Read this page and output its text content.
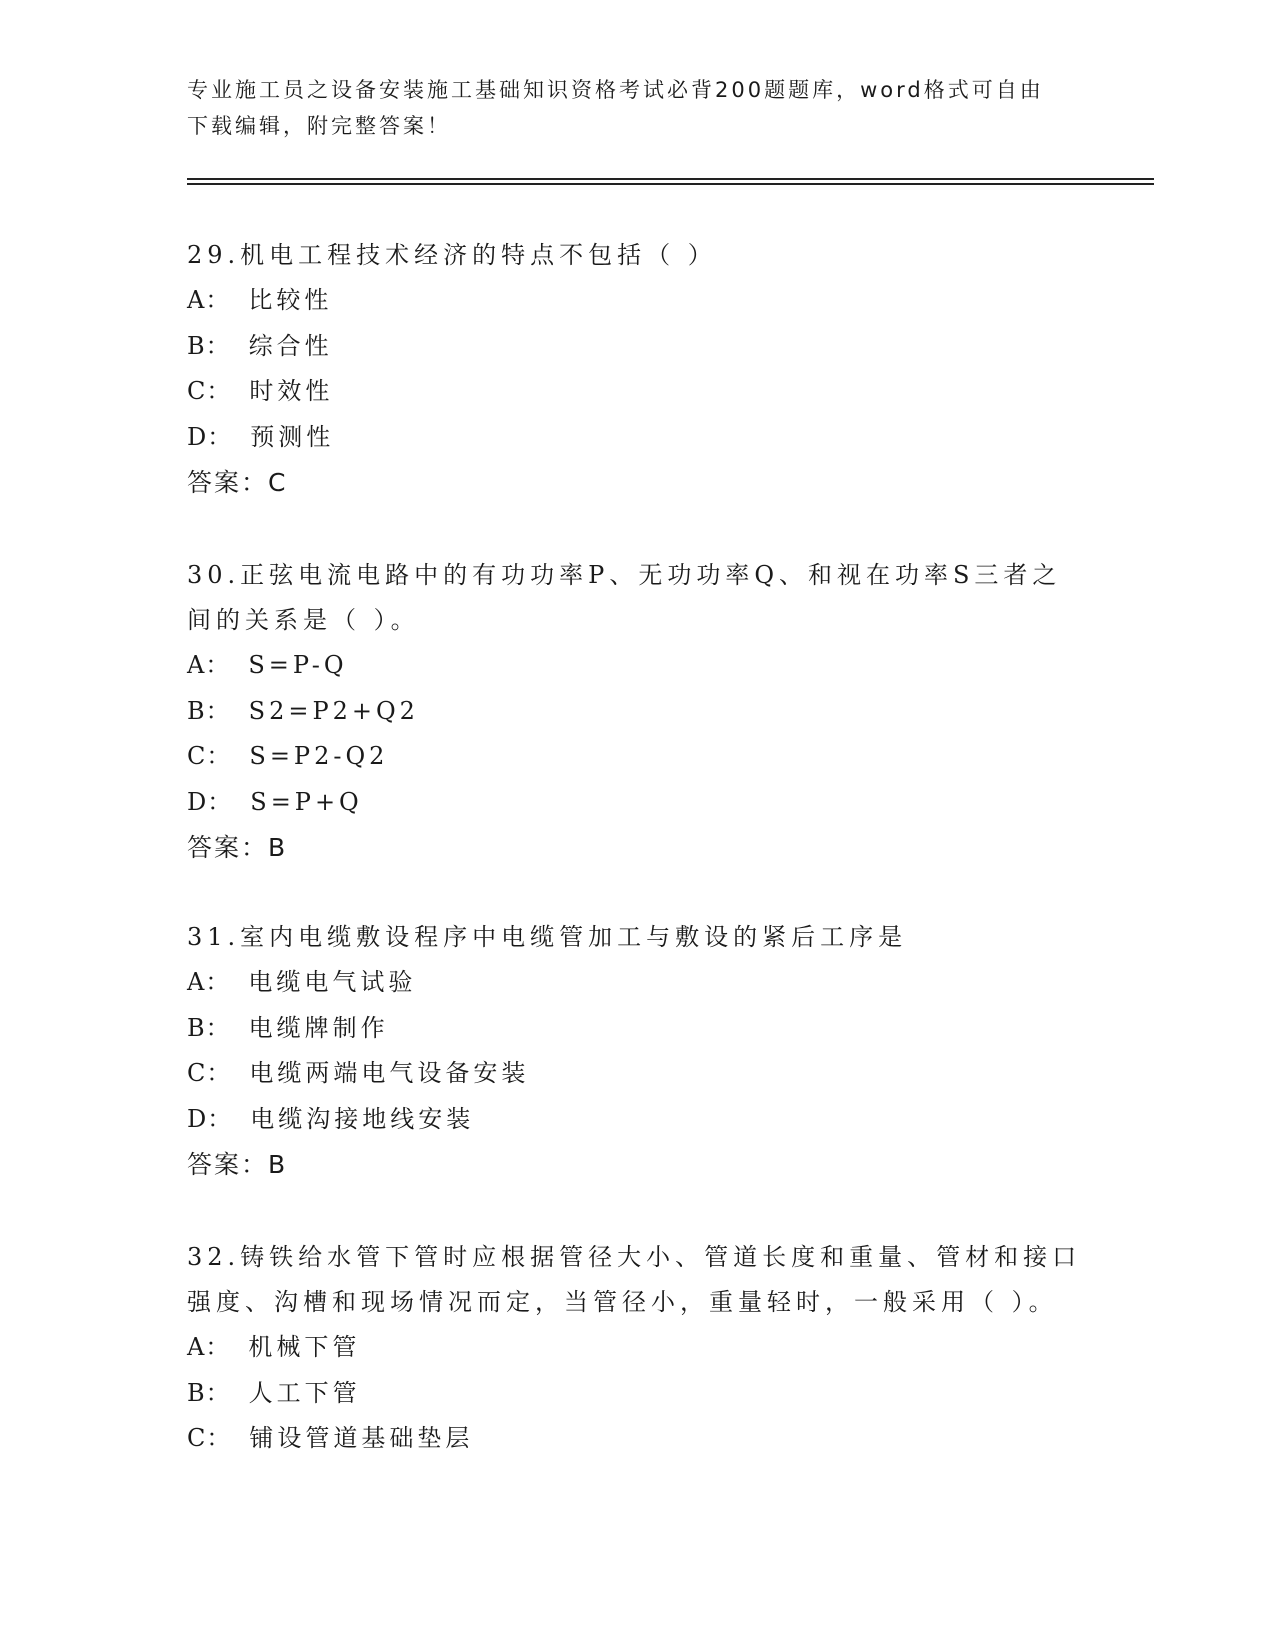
专业施工员之设备安装施工基础知识资格考试必背200题题库，word格式可自由下载编辑，附完整答案！

29.机电工程技术经济的特点不包括（ ）

A： 比较性

B： 综合性

C： 时效性

D： 预测性

答案：C

30.正弦电流电路中的有功功率P、无功功率Q、和视在功率S三者之间的关系是（ ）。

A： S=P-Q

B： S2=P2+Q2

C： S=P2-Q2

D： S=P+Q

答案：B

31.室内电缆敷设程序中电缆管加工与敷设的紧后工序是

A： 电缆电气试验

B： 电缆牌制作

C： 电缆两端电气设备安装

D： 电缆沟接地线安装

答案：B

32.铸铁给水管下管时应根据管径大小、管道长度和重量、管材和接口强度、沟槽和现场情况而定，当管径小，重量轻时，一般采用（ ）。

A： 机械下管

B： 人工下管

C： 铺设管道基础垫层
